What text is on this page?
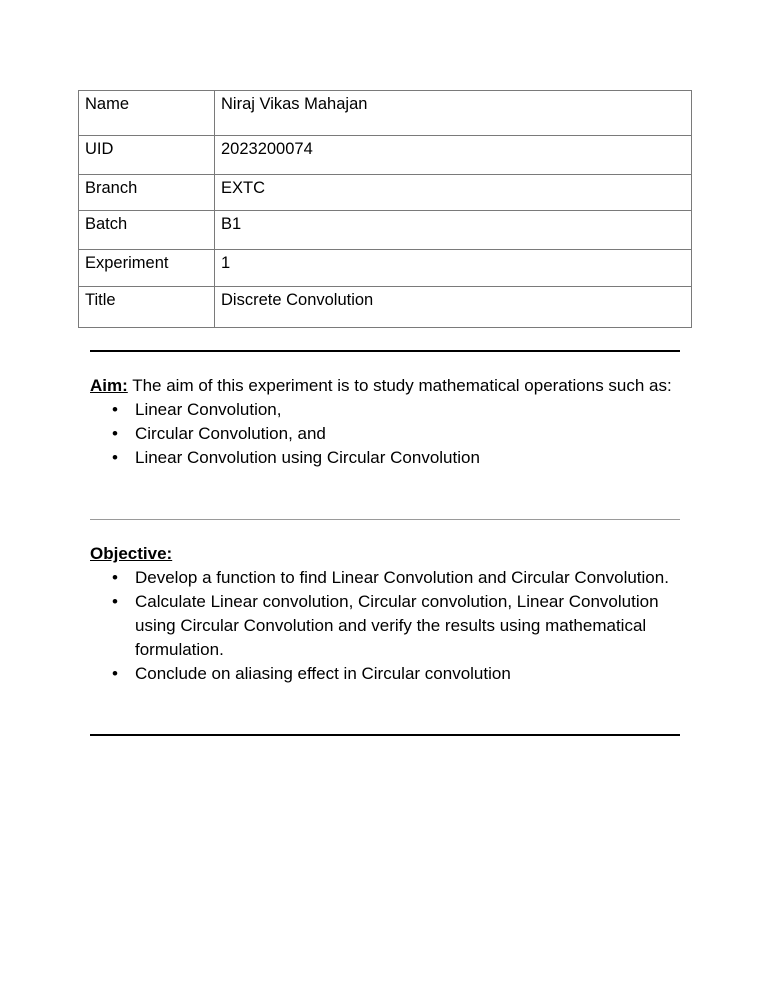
Name	Niraj Vikas Mahajan
UID	2023200074
Branch	EXTC
Batch	B1
Experiment	1
Title	Discrete Convolution
Aim: The aim of this experiment is to study mathematical operations such as:
• Linear Convolution,
• Circular Convolution, and
• Linear Convolution using Circular Convolution
Objective:
• Develop a function to find Linear Convolution and Circular Convolution.
• Calculate Linear convolution, Circular convolution, Linear Convolution using Circular Convolution and verify the results using mathematical formulation.
• Conclude on aliasing effect in Circular convolution
